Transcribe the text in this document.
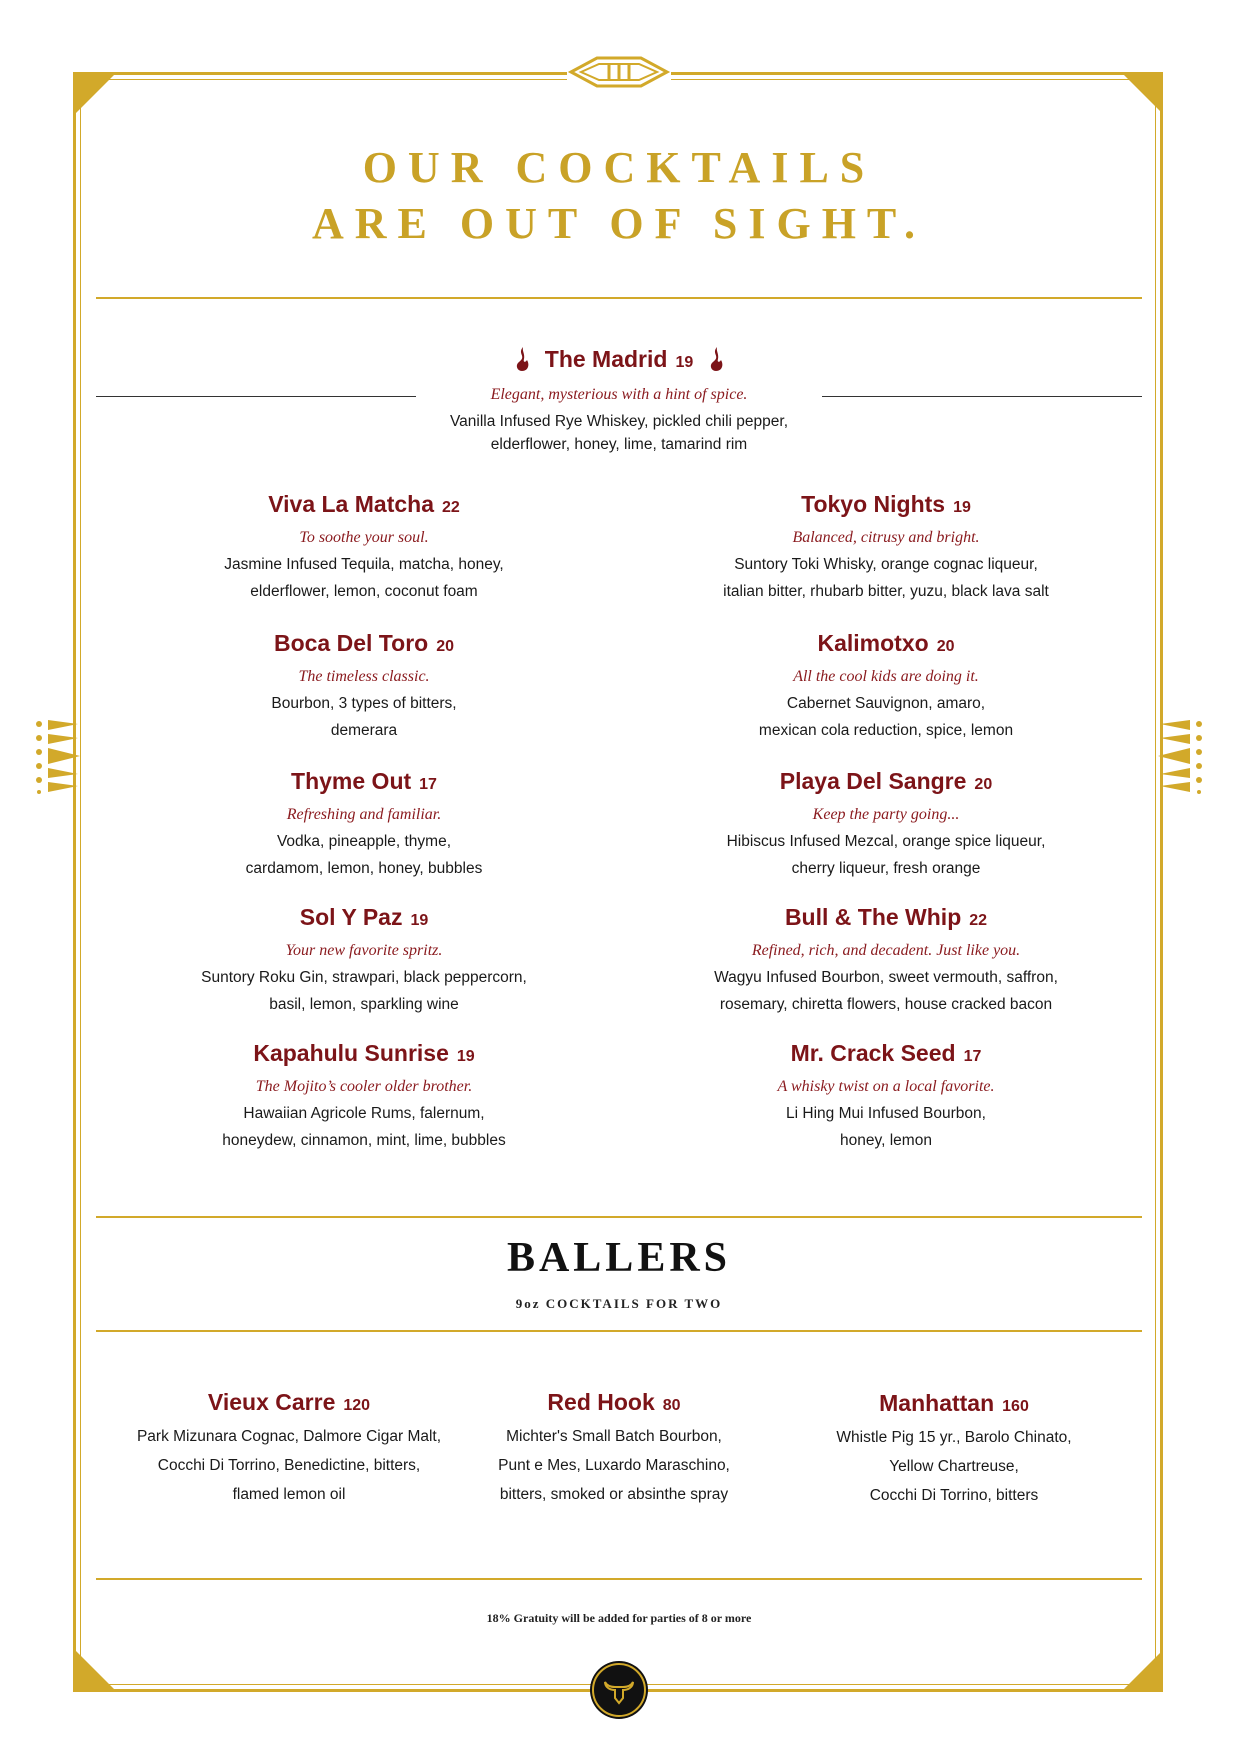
OUR COCKTAILS
ARE OUT OF SIGHT.
The Madrid 19
Elegant, mysterious with a hint of spice.
Vanilla Infused Rye Whiskey, pickled chili pepper,
elderflower, honey, lime, tamarind rim
Viva La Matcha 22
To soothe your soul.
Jasmine Infused Tequila, matcha, honey,
elderflower, lemon, coconut foam
Tokyo Nights 19
Balanced, citrusy and bright.
Suntory Toki Whisky, orange cognac liqueur,
italian bitter, rhubarb bitter, yuzu, black lava salt
Boca Del Toro 20
The timeless classic.
Bourbon, 3 types of bitters,
demerara
Kalimotxo 20
All the cool kids are doing it.
Cabernet Sauvignon, amaro,
mexican cola reduction, spice, lemon
Thyme Out 17
Refreshing and familiar.
Vodka, pineapple, thyme,
cardamom, lemon, honey, bubbles
Playa Del Sangre 20
Keep the party going...
Hibiscus Infused Mezcal, orange spice liqueur,
cherry liqueur, fresh orange
Sol Y Paz 19
Your new favorite spritz.
Suntory Roku Gin, strawpari, black peppercorn,
basil, lemon, sparkling wine
Bull & The Whip 22
Refined, rich, and decadent. Just like you.
Wagyu Infused Bourbon, sweet vermouth, saffron,
rosemary, chiretta flowers, house cracked bacon
Kapahulu Sunrise 19
The Mojito’s cooler older brother.
Hawaiian Agricole Rums, falernum,
honeydew, cinnamon, mint, lime, bubbles
Mr. Crack Seed 17
A whisky twist on a local favorite.
Li Hing Mui Infused Bourbon,
honey, lemon
BALLERS
9oz COCKTAILS FOR TWO
Vieux Carre 120
Park Mizunara Cognac, Dalmore Cigar Malt,
Cocchi Di Torrino, Benedictine, bitters,
flamed lemon oil
Red Hook 80
Michter's Small Batch Bourbon,
Punt e Mes, Luxardo Maraschino,
bitters, smoked or absinthe spray
Manhattan 160
Whistle Pig 15 yr., Barolo Chinato,
Yellow Chartreuse,
Cocchi Di Torrino, bitters
18% Gratuity will be added for parties of 8 or more
